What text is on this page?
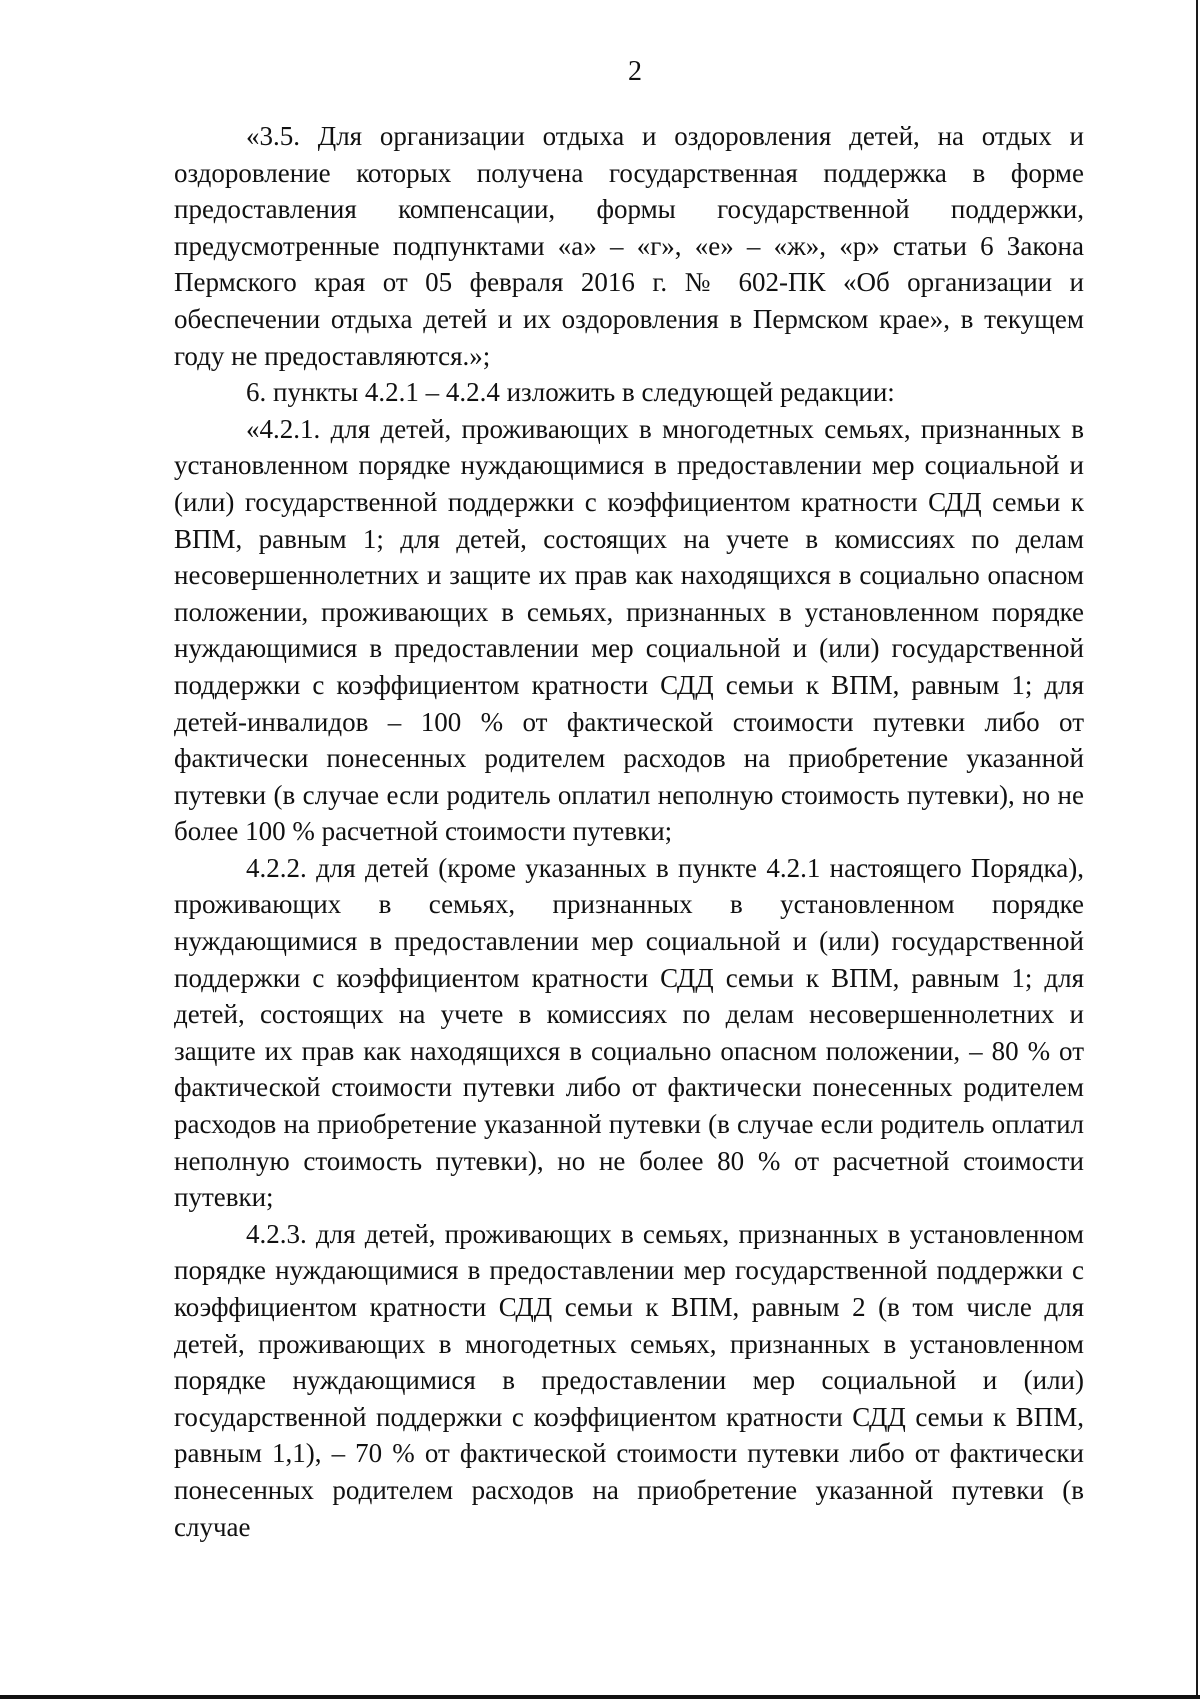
2

«3.5. Для организации отдыха и оздоровления детей, на отдых и оздоровление которых получена государственная поддержка в форме предоставления компенсации, формы государственной поддержки, предусмотренные подпунктами «а» – «г», «е» – «ж», «р» статьи 6 Закона Пермского края от 05 февраля 2016 г. № 602-ПК «Об организации и обеспечении отдыха детей и их оздоровления в Пермском крае», в текущем году не предоставляются.»;

6. пункты 4.2.1 – 4.2.4 изложить в следующей редакции:

«4.2.1. для детей, проживающих в многодетных семьях, признанных в установленном порядке нуждающимися в предоставлении мер социальной и (или) государственной поддержки с коэффициентом кратности СДД семьи к ВПМ, равным 1; для детей, состоящих на учете в комиссиях по делам несовершеннолетних и защите их прав как находящихся в социально опасном положении, проживающих в семьях, признанных в установленном порядке нуждающимися в предоставлении мер социальной и (или) государственной поддержки с коэффициентом кратности СДД семьи к ВПМ, равным 1; для детей-инвалидов – 100 % от фактической стоимости путевки либо от фактически понесенных родителем расходов на приобретение указанной путевки (в случае если родитель оплатил неполную стоимость путевки), но не более 100 % расчетной стоимости путевки;

4.2.2. для детей (кроме указанных в пункте 4.2.1 настоящего Порядка), проживающих в семьях, признанных в установленном порядке нуждающимися в предоставлении мер социальной и (или) государственной поддержки с коэффициентом кратности СДД семьи к ВПМ, равным 1; для детей, состоящих на учете в комиссиях по делам несовершеннолетних и защите их прав как находящихся в социально опасном положении, – 80 % от фактической стоимости путевки либо от фактически понесенных родителем расходов на приобретение указанной путевки (в случае если родитель оплатил неполную стоимость путевки), но не более 80 % от расчетной стоимости путевки;

4.2.3. для детей, проживающих в семьях, признанных в установленном порядке нуждающимися в предоставлении мер государственной поддержки с коэффициентом кратности СДД семьи к ВПМ, равным 2 (в том числе для детей, проживающих в многодетных семьях, признанных в установленном порядке нуждающимися в предоставлении мер социальной и (или) государственной поддержки с коэффициентом кратности СДД семьи к ВПМ, равным 1,1), – 70 % от фактической стоимости путевки либо от фактически понесенных родителем расходов на приобретение указанной путевки (в случае
